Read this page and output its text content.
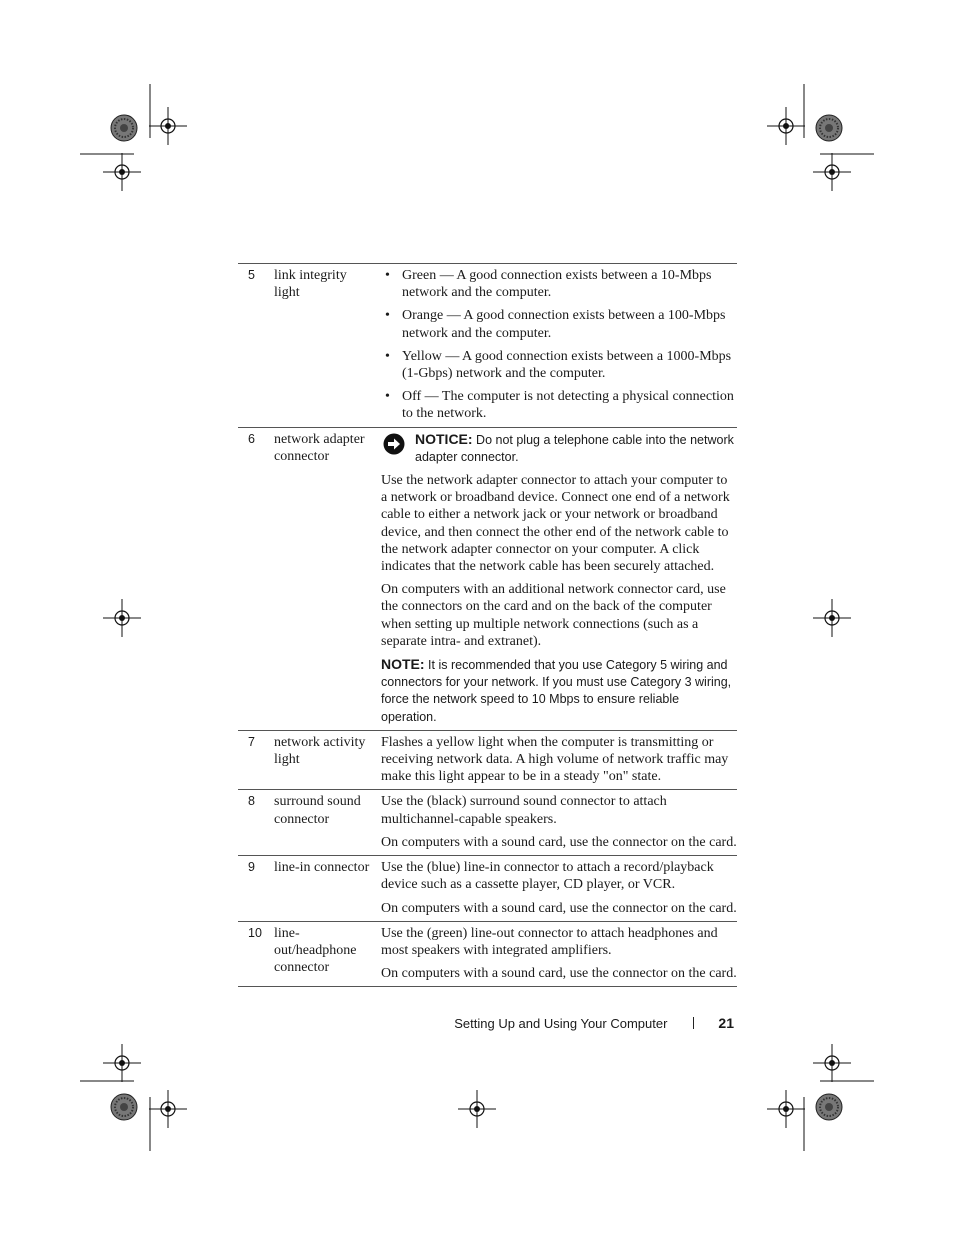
5 link integrity light
• Green — A good connection exists between a 10-Mbps network and the computer.
• Orange — A good connection exists between a 100-Mbps network and the computer.
• Yellow — A good connection exists between a 1000-Mbps (1-Gbps) network and the computer.
• Off — The computer is not detecting a physical connection to the network.
6 network adapter connector
NOTICE: Do not plug a telephone cable into the network adapter connector.

Use the network adapter connector to attach your computer to a network or broadband device. Connect one end of a network cable to either a network jack or your network or broadband device, and then connect the other end of the network cable to the network adapter connector on your computer. A click indicates that the network cable has been securely attached.

On computers with an additional network connector card, use the connectors on the card and on the back of the computer when setting up multiple network connections (such as a separate intra- and extranet).

NOTE: It is recommended that you use Category 5 wiring and connectors for your network. If you must use Category 3 wiring, force the network speed to 10 Mbps to ensure reliable operation.

7 network activity light

Flashes a yellow light when the computer is transmitting or receiving network data. A high volume of network traffic may make this light appear to be in a steady "on" state.

8 surround sound connector

Use the (black) surround sound connector to attach multichannel-capable speakers.

On computers with a sound card, use the connector on the card.

9 line-in connector Use the (blue) line-in connector to attach a record/playback device such as a cassette player, CD player, or VCR.

On computers with a sound card, use the connector on the card.

10 line-out/headphone connector

Use the (green) line-out connector to attach headphones and most speakers with integrated amplifiers.

On computers with a sound card, use the connector on the card.

Setting Up and Using Your Computer	21
